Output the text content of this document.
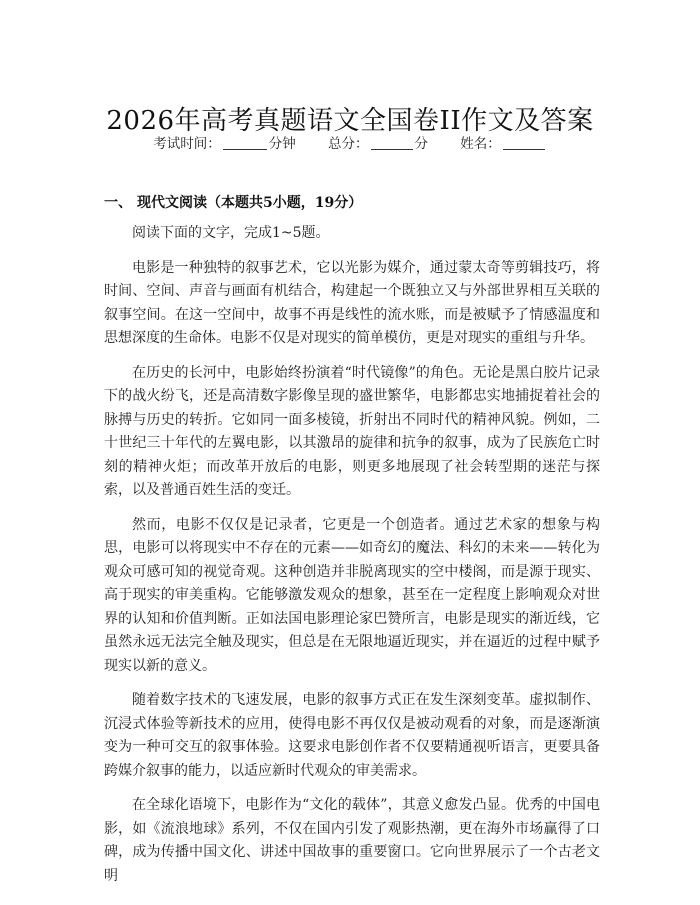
2026年高考真题语文全国卷II作文及答案
考试时间：	分钟 总分：	分 姓名：
一、 现代文阅读（本题共5小题，19分）

阅读下面的文字，完成1~5题。

电影是一种独特的叙事艺术，它以光影为媒介，通过蒙太奇等剪辑技巧，将时间、空间、声音与画面有机结合，构建起一个既独立又与外部世界相互关联的叙事空间。在这一空间中，故事不再是线性的流水账，而是被赋予了情感温度和思想深度的生命体。电影不仅是对现实的简单模仿，更是对现实的重组与升华。

在历史的长河中，电影始终扮演着“时代镜像”的角色。无论是黑白胶片记录下的战火纷飞，还是高清数字影像呈现的盛世繁华，电影都忠实地捕捉着社会的脉搏与历史的转折。它如同一面多棱镜，折射出不同时代的精神风貌。例如，二十世纪三十年代的左翼电影，以其激昂的旋律和抗争的叙事，成为了民族危亡时刻的精神火炬；而改革开放后的电影，则更多地展现了社会转型期的迷茫与探索，以及普通百姓生活的变迁。

然而，电影不仅仅是记录者，它更是一个创造者。通过艺术家的想象与构思，电影可以将现实中不存在的元素——如奇幻的魔法、科幻的未来——转化为观众可感可知的视觉奇观。这种创造并非脱离现实的空中楼阁，而是源于现实、高于现实的审美重构。它能够激发观众的想象，甚至在一定程度上影响观众对世界的认知和价值判断。正如法国电影理论家巴赞所言，电影是现实的渐近线，它虽然永远无法完全触及现实，但总是在无限地逼近现实，并在逼近的过程中赋予现实以新的意义。

随着数字技术的飞速发展，电影的叙事方式正在发生深刻变革。虚拟制作、沉浸式体验等新技术的应用，使得电影不再仅仅是被动观看的对象，而是逐渐演变为一种可交互的叙事体验。这要求电影创作者不仅要精通视听语言，更要具备跨媒介叙事的能力，以适应新时代观众的审美需求。

在全球化语境下，电影作为“文化的载体”，其意义愈发凸显。优秀的中国电影，如《流浪地球》系列，不仅在国内引发了观影热潮，更在海外市场赢得了口碑，成为传播中国文化、讲述中国故事的重要窗口。它向世界展示了一个古老文明
